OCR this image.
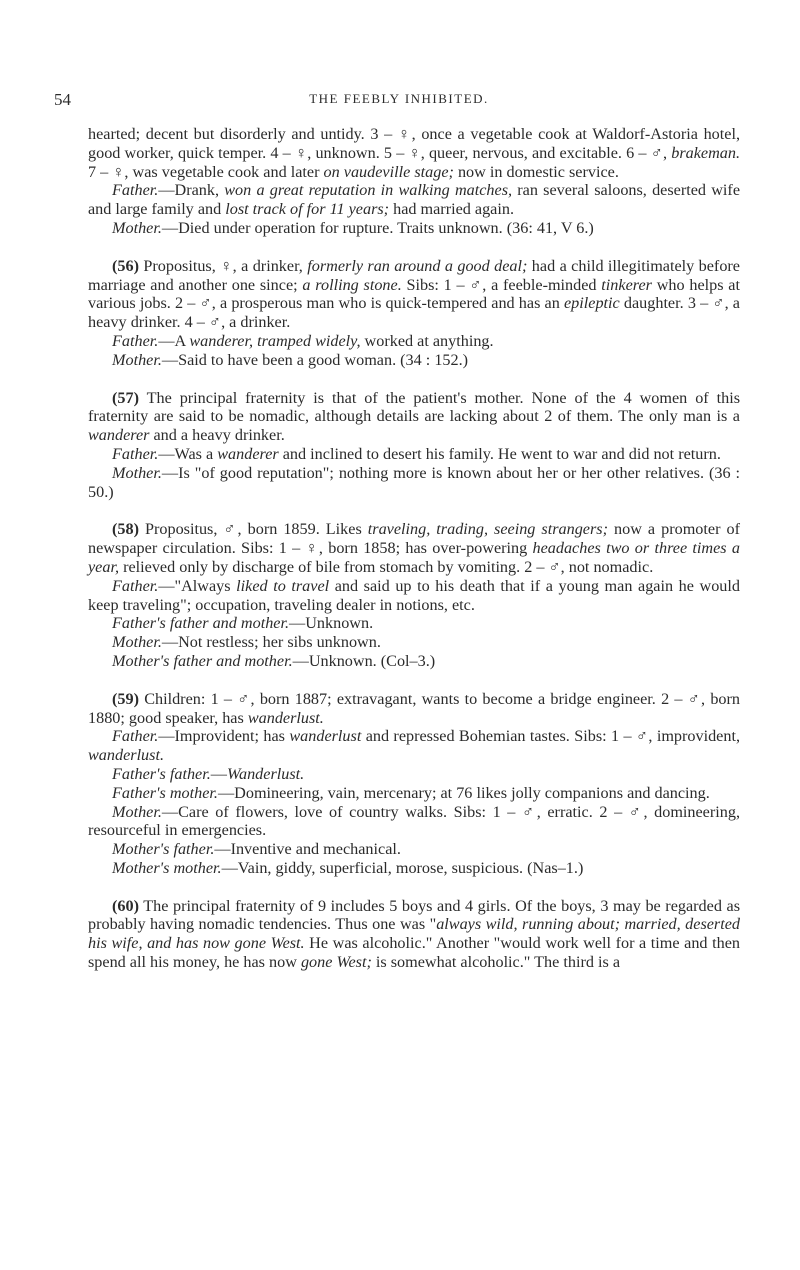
54	THE FEEBLY INHIBITED.

hearted; decent but disorderly and untidy. 3 – ♀, once a vegetable cook at Waldorf-Astoria hotel, good worker, quick temper. 4 – ♀, unknown. 5 – ♀, queer, nervous, and excitable. 6 – ♂, brakeman. 7 – ♀, was vegetable cook and later on vaudeville stage; now in domestic service.

Father.—Drank, won a great reputation in walking matches, ran several saloons, deserted wife and large family and lost track of for 11 years; had married again.

Mother.—Died under operation for rupture. Traits unknown. (36: 41, V 6.)

(56) Propositus, ♀, a drinker, formerly ran around a good deal; had a child illegitimately before marriage and another one since; a rolling stone. Sibs: 1 – ♂, a feeble-minded tinkerer who helps at various jobs. 2 – ♂, a prosperous man who is quick-tempered and has an epileptic daughter. 3 – ♂, a heavy drinker. 4 – ♂, a drinker.

Father.—A wanderer, tramped widely, worked at anything.

Mother.—Said to have been a good woman. (34 : 152.)

(57) The principal fraternity is that of the patient's mother. None of the 4 women of this fraternity are said to be nomadic, although details are lacking about 2 of them. The only man is a wanderer and a heavy drinker.

Father.—Was a wanderer and inclined to desert his family. He went to war and did not return.

Mother.—Is "of good reputation"; nothing more is known about her or her other relatives. (36 : 50.)

(58) Propositus, ♂, born 1859. Likes traveling, trading, seeing strangers; now a promoter of newspaper circulation. Sibs: 1 – ♀, born 1858; has over-powering headaches two or three times a year, relieved only by discharge of bile from stomach by vomiting. 2 – ♂, not nomadic.

Father.—"Always liked to travel and said up to his death that if a young man again he would keep traveling"; occupation, traveling dealer in notions, etc.

Father's father and mother.—Unknown.

Mother.—Not restless; her sibs unknown.

Mother's father and mother.—Unknown. (Col–3.)

(59) Children: 1 – ♂, born 1887; extravagant, wants to become a bridge engineer. 2 – ♂, born 1880; good speaker, has wanderlust.

Father.—Improvident; has wanderlust and repressed Bohemian tastes. Sibs: 1 – ♂, improvident, wanderlust.

Father's father.—Wanderlust.

Father's mother.—Domineering, vain, mercenary; at 76 likes jolly companions and dancing.

Mother.—Care of flowers, love of country walks. Sibs: 1 – ♂, erratic. 2 – ♂, domineering, resourceful in emergencies.

Mother's father.—Inventive and mechanical.

Mother's mother.—Vain, giddy, superficial, morose, suspicious. (Nas–1.)

(60) The principal fraternity of 9 includes 5 boys and 4 girls. Of the boys, 3 may be regarded as probably having nomadic tendencies. Thus one was "always wild, running about; married, deserted his wife, and has now gone West. He was alcoholic." Another "would work well for a time and then spend all his money, he has now gone West; is somewhat alcoholic." The third is a
